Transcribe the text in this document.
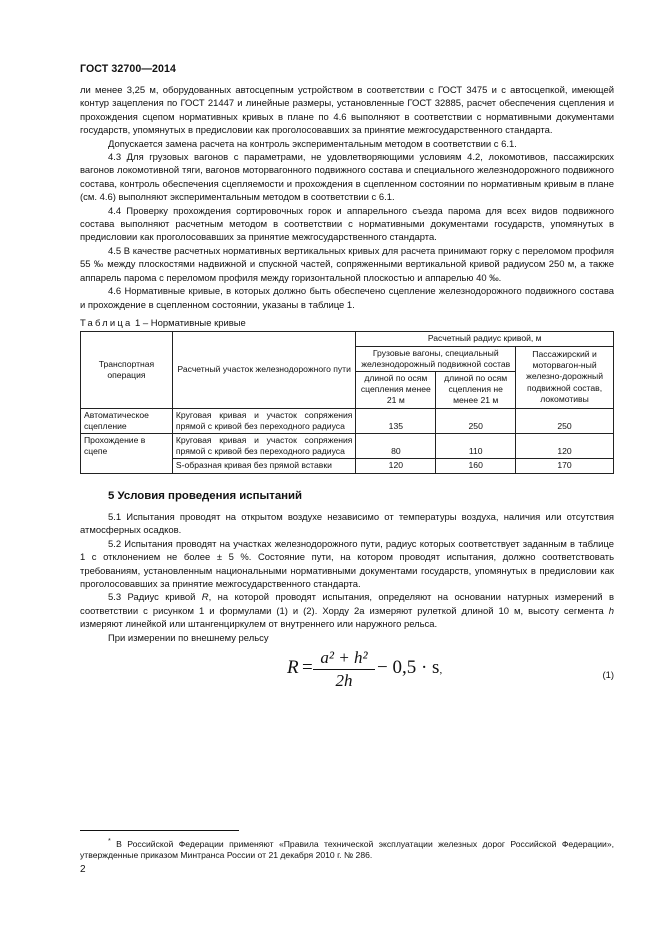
ГОСТ 32700—2014

ли менее 3,25 м, оборудованных автосцепным устройством в соответствии с ГОСТ 3475 и с автосцепкой, имеющей контур зацепления по ГОСТ 21447 и линейные размеры, установленные ГОСТ 32885, расчет обеспечения сцепления и прохождения сцепом нормативных кривых в плане по 4.6 выполняют в соответствии с нормативными документами государств, упомянутых в предисловии как проголосовавших за принятие межгосударственного стандарта.

Допускается замена расчета на контроль экспериментальным методом в соответствии с 6.1.

4.3 Для грузовых вагонов с параметрами, не удовлетворяющими условиям 4.2, локомотивов, пассажирских вагонов локомотивной тяги, вагонов моторвагонного подвижного состава и специального железнодорожного подвижного состава, контроль обеспечения сцепляемости и прохождения в сцепленном состоянии по нормативным кривым в плане (см. 4.6) выполняют экспериментальным методом в соответствии с 6.1.

4.4 Проверку прохождения сортировочных горок и аппарельного съезда парома для всех видов подвижного состава выполняют расчетным методом в соответствии с нормативными документами государств, упомянутых в предисловии как проголосовавших за принятие межгосударственного стандарта.

4.5 В качестве расчетных нормативных вертикальных кривых для расчета принимают горку с переломом профиля 55 ‰ между плоскостями надвижной и спускной частей, сопряженными вертикальной кривой радиусом 250 м, а также аппарель парома с переломом профиля между горизонтальной плоскостью и аппарелью 40 ‰.

4.6 Нормативные кривые, в которых должно быть обеспечено сцепление железнодорожного подвижного состава и прохождение в сцепленном состоянии, указаны в таблице 1.

Таблица 1 – Нормативные кривые
Транспортная операция	Расчетный участок железнодорожного пути	Расчетный радиус кривой, м		
		Грузовые вагоны, специальный железнодорожный подвижной состав		Пассажирский и моторвагон-ный железно-дорожный подвижной состав, локомотивы
		длиной по осям сцепления менее 21 м	длиной по осям сцепления не менее 21 м	
Автоматическое сцепление	Круговая кривая и участок сопряжения прямой с кривой без переходного радиуса	135	250	250
Прохождение в сцепе	Круговая кривая и участок сопряжения прямой с кривой без переходного радиуса	80	110	120
	S-образная кривая без прямой вставки	120	160	170
5 Условия проведения испытаний

5.1 Испытания проводят на открытом воздухе независимо от температуры воздуха, наличия или отсутствия атмосферных осадков.

5.2 Испытания проводят на участках железнодорожного пути, радиус которых соответствует заданным в таблице 1 с отклонением не более ± 5 %. Состояние пути, на котором проводят испытания, должно соответствовать требованиям, установленным национальными нормативными документами государств, упомянутых в предисловии как проголосовавших за принятие межгосударственного стандарта.

5.3 Радиус кривой R, на которой проводят испытания, определяют на основании натурных измерений в соответствии с рисунком 1 и формулами (1) и (2). Хорду 2а измеряют рулеткой длиной 10 м, высоту сегмента h измеряют линейкой или штангенциркулем от внутреннего или наружного рельса.

При измерении по внешнему рельсу

R = a² + h²
2h
− 0,5 · s,	(1)
* В Российской Федерации применяют «Правила технической эксплуатации железных дорог Российской Федерации», утвержденные приказом Минтранса России от 21 декабря 2010 г. № 286.
2
